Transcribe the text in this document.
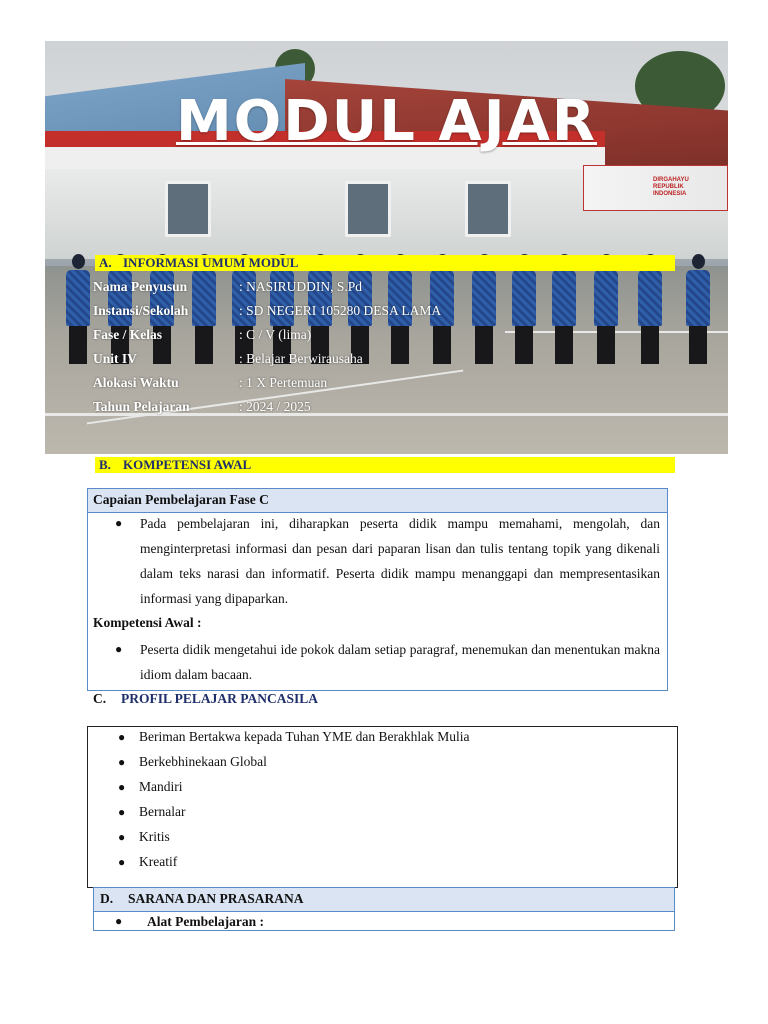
DIRGAHAYU REPUBLIK INDONESIA
MODUL AJAR
A. INFORMASI UMUM MODUL
Nama Penyusun	: NASIRUDDIN, S.Pd
Instansi/Sekolah	: SD NEGERI 105280 DESA LAMA
Fase / Kelas	: C / V (lima)
Unit IV	: Belajar Berwirausaha
Alokasi Waktu	: 1 X Pertemuan
Tahun Pelajaran	: 2024 / 2025
B. KOMPETENSI AWAL
Capaian Pembelajaran Fase C
● Pada pembelajaran ini, diharapkan peserta didik mampu memahami, mengolah, dan menginterpretasi informasi dan pesan dari paparan lisan dan tulis tentang topik yang dikenali dalam teks narasi dan informatif. Peserta didik mampu menanggapi dan mempresentasikan informasi yang dipaparkan.
Kompetensi Awal :
● Peserta didik mengetahui ide pokok dalam setiap paragraf, menemukan dan menentukan makna idiom dalam bacaan.
C. PROFIL PELAJAR PANCASILA
● Beriman Bertakwa kepada Tuhan YME dan Berakhlak Mulia
● Berkebhinekaan Global
● Mandiri
● Bernalar
● Kritis
● Kreatif
D. SARANA DAN PRASARANA
● Alat Pembelajaran :
